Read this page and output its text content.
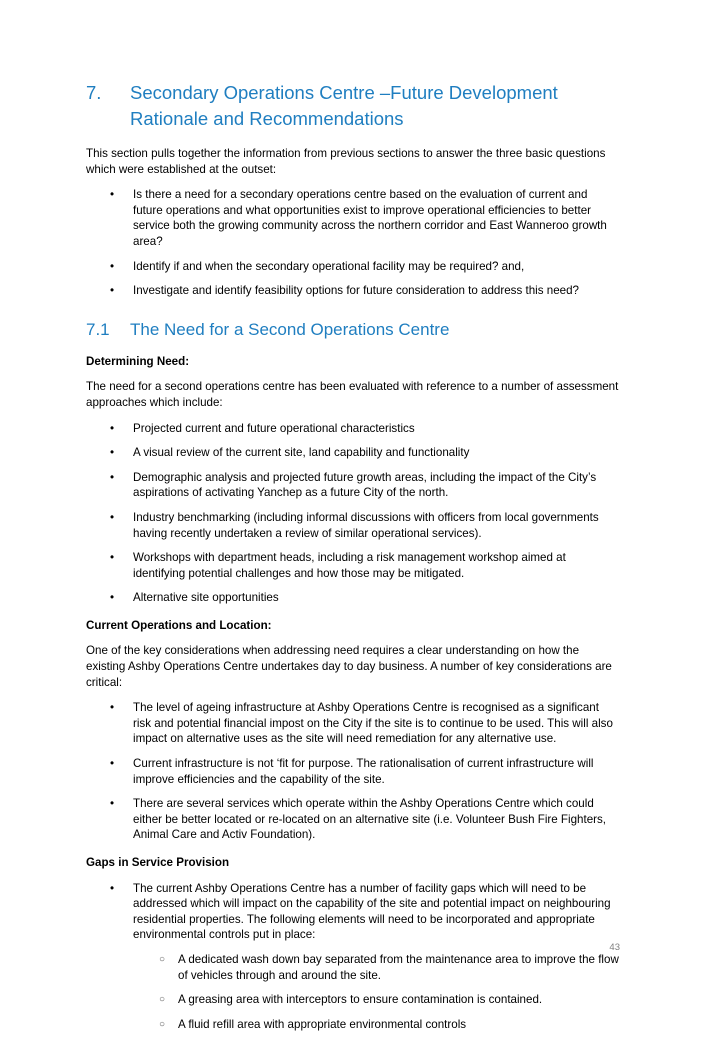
7.	Secondary Operations Centre –Future Development Rationale and Recommendations

This section pulls together the information from previous sections to answer the three basic questions which were established at the outset:

• Is there a need for a secondary operations centre based on the evaluation of current and future operations and what opportunities exist to improve operational efficiencies to better service both the growing community across the northern corridor and East Wanneroo growth area?
• Identify if and when the secondary operational facility may be required? and,
• Investigate and identify feasibility options for future consideration to address this need?
7.1	The Need for a Second Operations Centre

Determining Need:

The need for a second operations centre has been evaluated with reference to a number of assessment approaches which include:

• Projected current and future operational characteristics
• A visual review of the current site, land capability and functionality
• Demographic analysis and projected future growth areas, including the impact of the City’s aspirations of activating Yanchep as a future City of the north.
• Industry benchmarking (including informal discussions with officers from local governments having recently undertaken a review of similar operational services).
• Workshops with department heads, including a risk management workshop aimed at identifying potential challenges and how those may be mitigated.
• Alternative site opportunities

Current Operations and Location:

One of the key considerations when addressing need requires a clear understanding on how the existing Ashby Operations Centre undertakes day to day business. A number of key considerations are critical:

• The level of ageing infrastructure at Ashby Operations Centre is recognised as a significant risk and potential financial impost on the City if the site is to continue to be used. This will also impact on alternative uses as the site will need remediation for any alternative use.
• Current infrastructure is not ‘fit for purpose. The rationalisation of current infrastructure will improve efficiencies and the capability of the site.
• There are several services which operate within the Ashby Operations Centre which could either be better located or re-located on an alternative site (i.e. Volunteer Bush Fire Fighters, Animal Care and Activ Foundation).

Gaps in Service Provision

• The current Ashby Operations Centre has a number of facility gaps which will need to be addressed which will impact on the capability of the site and potential impact on neighbouring residential properties. The following elements will need to be incorporated and appropriate environmental controls put in place:
○ A dedicated wash down bay separated from the maintenance area to improve the flow of vehicles through and around the site.
○ A greasing area with interceptors to ensure contamination is contained.
○ A fluid refill area with appropriate environmental controls
43
